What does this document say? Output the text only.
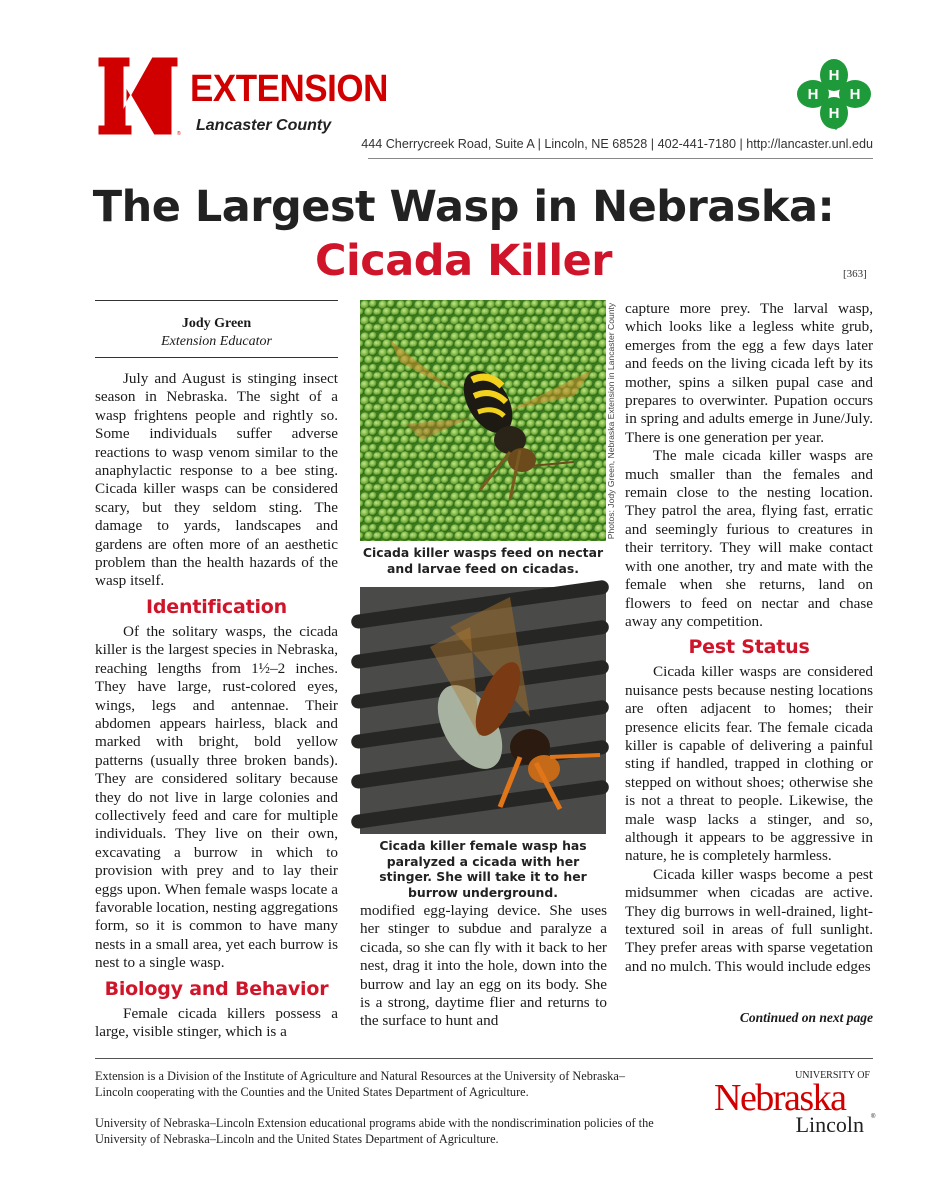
®
EXTENSION
Lancaster County
H
H
H H
444 Cherrycreek Road, Suite A | Lincoln, NE 68528 | 402-441-7180 | http://lancaster.unl.edu
The Largest Wasp in Nebraska:
Cicada Killer	[363]
Jody Green
Extension Educator

July and August is stinging insect season in Nebraska. The sight of a wasp frightens people and rightly so. Some individuals suffer adverse reactions to wasp venom similar to the anaphylactic response to a bee sting. Cicada killer wasps can be considered scary, but they seldom sting. The damage to yards, landscapes and gardens are often more of an aesthetic problem than the health hazards of the wasp itself.

Identification

Of the solitary wasps, the cicada killer is the largest species in Nebraska, reaching lengths from 1½–2 inches. They have large, rust-colored eyes, wings, legs and antennae. Their abdomen appears hairless, black and marked with bright, bold yellow patterns (usually three broken bands). They are considered solitary because they do not live in large colonies and collectively feed and care for multiple individuals. They live on their own, excavating a burrow in which to provision with prey and to lay their eggs upon. When female wasps locate a favorable location, nesting aggregations form, so it is common to have many nests in a small area, yet each burrow is nest to a single wasp.

Biology and Behavior

Female cicada killers possess a large, visible stinger, which is a

Photos: Jody Green, Nebraska Extension in Lancaster County
Cicada killer wasps feed on nectar and larvae feed on cicadas.
Cicada killer female wasp has paralyzed a cicada with her stinger. She will take it to her burrow underground.

modified egg-laying device. She uses her stinger to subdue and paralyze a cicada, so she can fly with it back to her nest, drag it into the hole, down into the burrow and lay an egg on its body. She is a strong, daytime flier and returns to the surface to hunt and

capture more prey. The larval wasp, which looks like a legless white grub, emerges from the egg a few days later and feeds on the living cicada left by its mother, spins a silken pupal case and prepares to overwinter. Pupation occurs in spring and adults emerge in June/July. There is one generation per year.

The male cicada killer wasps are much smaller than the females and remain close to the nesting location. They patrol the area, flying fast, erratic and seemingly furious to creatures in their territory. They will make contact with one another, try and mate with the female when she returns, land on flowers to feed on nectar and chase away any competition.

Pest Status

Cicada killer wasps are considered nuisance pests because nesting locations are often adjacent to homes; their presence elicits fear. The female cicada killer is capable of delivering a painful sting if handled, trapped in clothing or stepped on without shoes; otherwise she is not a threat to people. Likewise, the male wasp lacks a stinger, and so, although it appears to be aggressive in nature, he is completely harmless.

Cicada killer wasps become a pest midsummer when cicadas are active. They dig burrows in well-drained, light-textured soil in areas of full sunlight. They prefer areas with sparse vegetation and no mulch. This would include edges

Continued on next page
Extension is a Division of the Institute of Agriculture and Natural Resources at the University of Nebraska–Lincoln cooperating with the Counties and the United States Department of Agriculture.
University of Nebraska–Lincoln Extension educational programs abide with the nondiscrimination policies of the University of Nebraska–Lincoln and the United States Department of Agriculture.
UNIVERSITY OF
Nebraska
Lincoln ®
